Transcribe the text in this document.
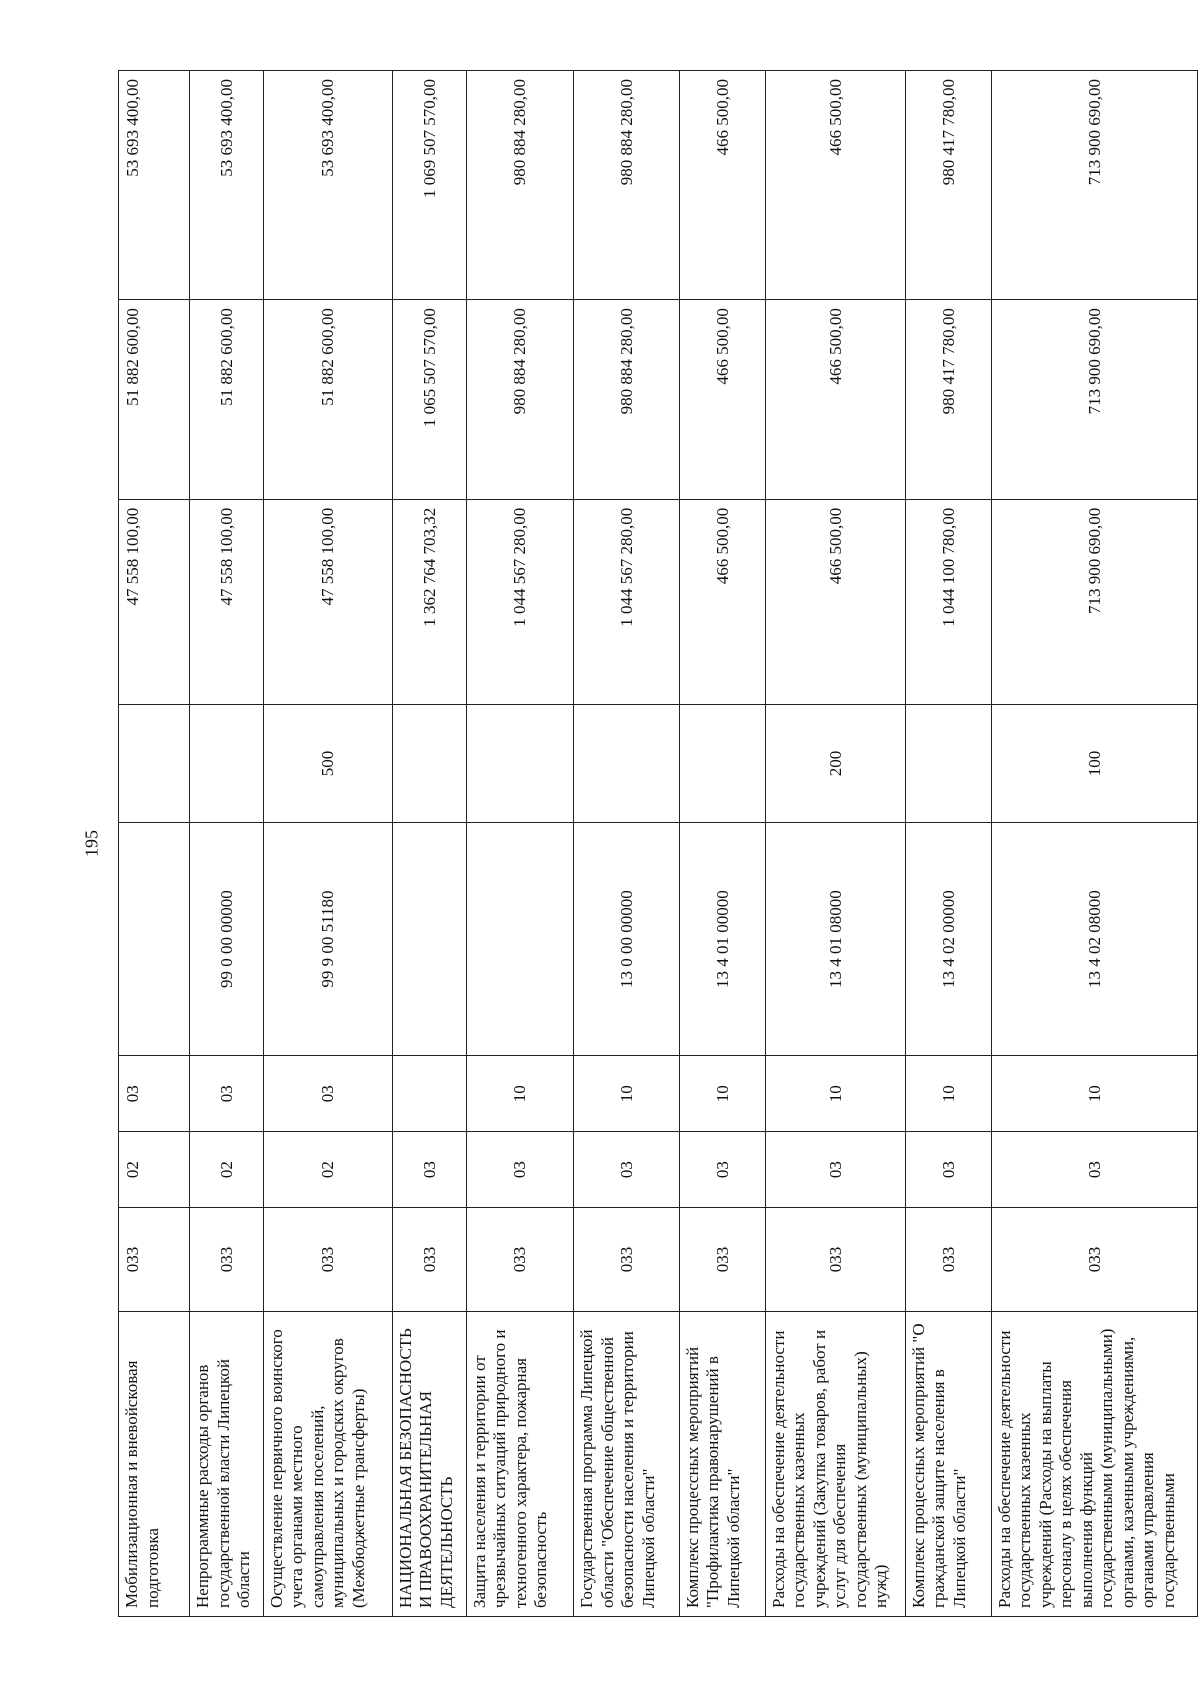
195
Мобилизационная и вневойсковая подготовка	033	02	03			47 558 100,00	51 882 600,00	53 693 400,00
Непрограммные расходы органов государственной власти Липецкой области	033	02	03	99 0 00 00000		47 558 100,00	51 882 600,00	53 693 400,00
Осуществление первичного воинского учета органами местного самоуправления поселений, муниципальных и городских округов (Межбюджетные трансферты)	033	02	03	99 9 00 51180	500	47 558 100,00	51 882 600,00	53 693 400,00
НАЦИОНАЛЬНАЯ БЕЗОПАСНОСТЬ И ПРАВООХРАНИТЕЛЬНАЯ ДЕЯТЕЛЬНОСТЬ	033	03				1 362 764 703,32	1 065 507 570,00	1 069 507 570,00
Защита населения и территории от чрезвычайных ситуаций природного и техногенного характера, пожарная безопасность	033	03	10			1 044 567 280,00	980 884 280,00	980 884 280,00
Государственная программа Липецкой области "Обеспечение общественной безопасности населения и территории Липецкой области"	033	03	10	13 0 00 00000		1 044 567 280,00	980 884 280,00	980 884 280,00
Комплекс процессных мероприятий "Профилактика правонарушений в Липецкой области"	033	03	10	13 4 01 00000		466 500,00	466 500,00	466 500,00
Расходы на обеспечение деятельности государственных казенных учреждений (Закупка товаров, работ и услуг для обеспечения государственных (муниципальных) нужд)	033	03	10	13 4 01 08000	200	466 500,00	466 500,00	466 500,00
Комплекс процессных мероприятий "О гражданской защите населения в Липецкой области"	033	03	10	13 4 02 00000		1 044 100 780,00	980 417 780,00	980 417 780,00
Расходы на обеспечение деятельности государственных казенных учреждений (Расходы на выплаты персоналу в целях обеспечения выполнения функций государственными (муниципальными) органами, казенными учреждениями, органами управления государственными	033	03	10	13 4 02 08000	100	713 900 690,00	713 900 690,00	713 900 690,00
